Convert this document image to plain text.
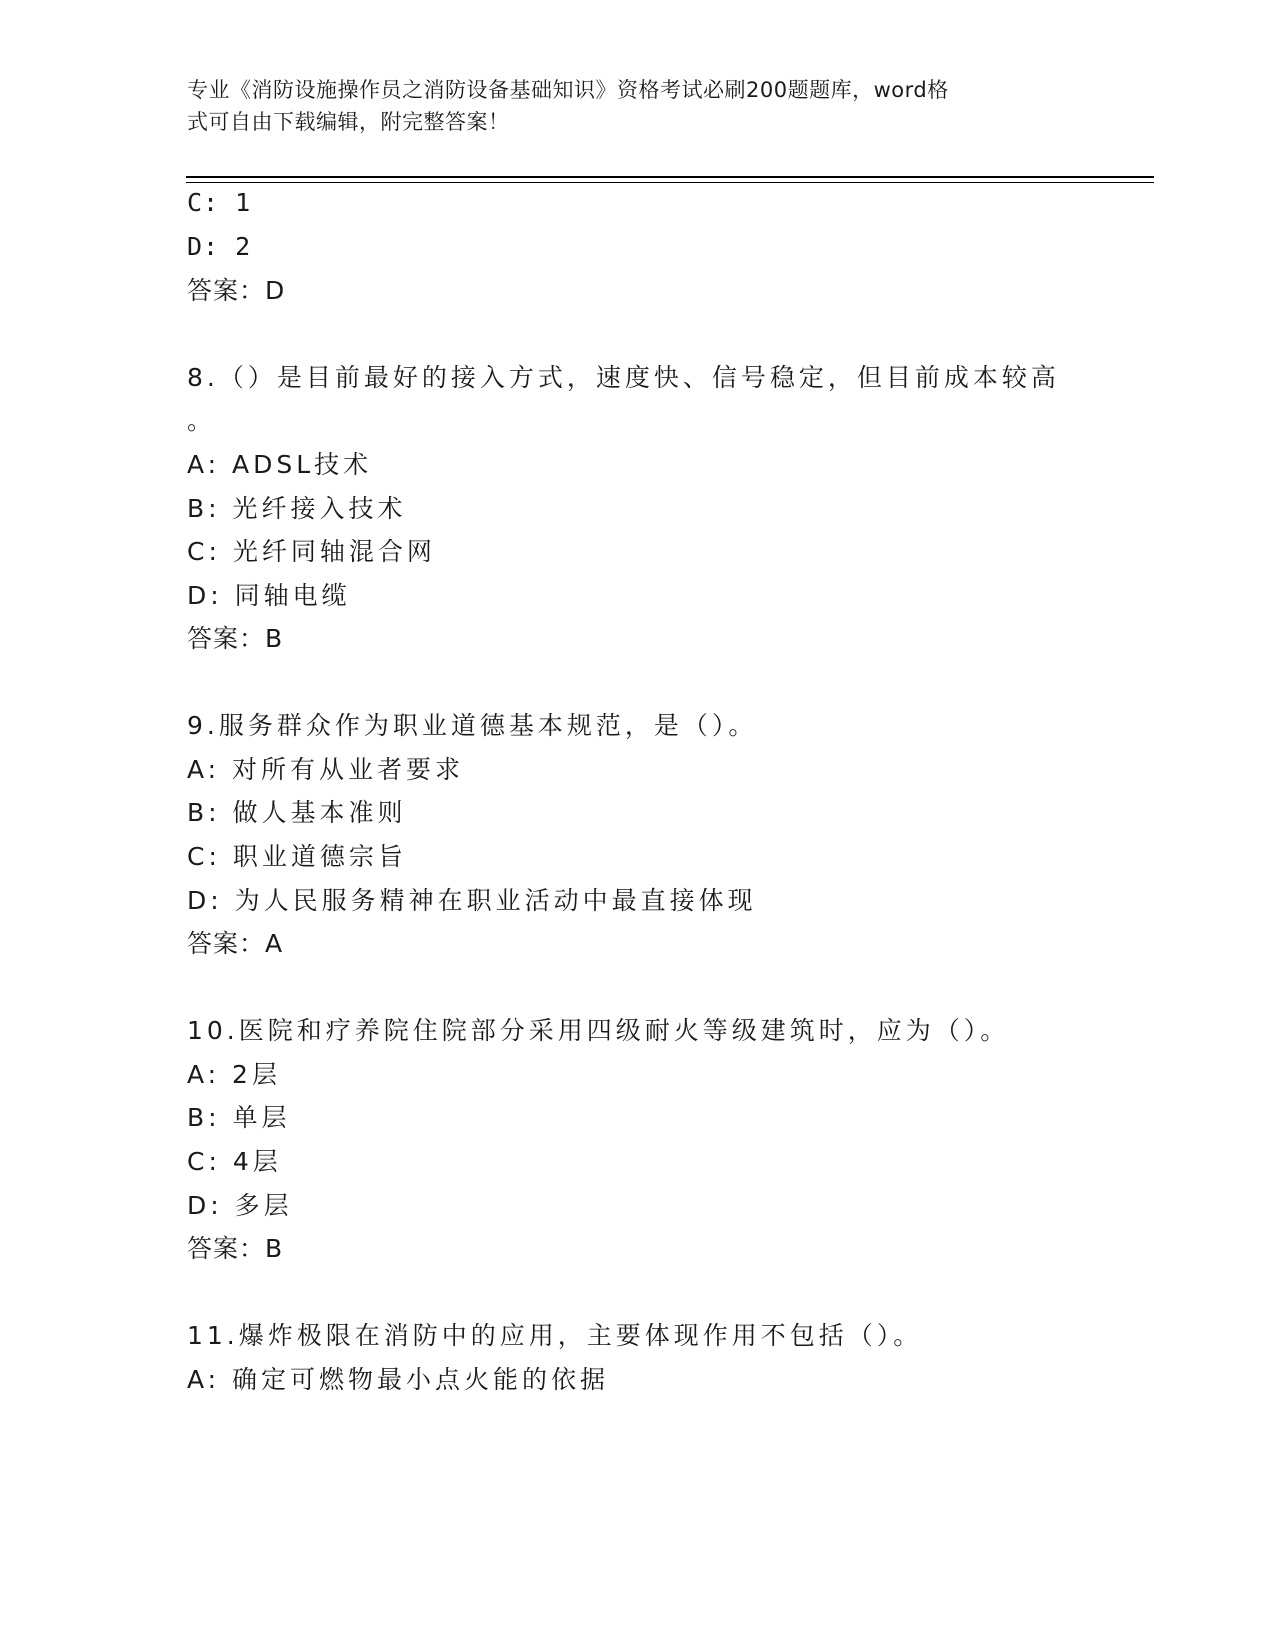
专业《消防设施操作员之消防设备基础知识》资格考试必刷200题题库，word格
式可自由下载编辑，附完整答案！
C: 1
D: 2
答案：D
8.（）是目前最好的接入方式，速度快、信号稳定，但目前成本较高
。
A: ADSL技术
B: 光纤接入技术
C: 光纤同轴混合网
D: 同轴电缆
答案：B
9.服务群众作为职业道德基本规范，是（）。
A: 对所有从业者要求
B: 做人基本准则
C: 职业道德宗旨
D: 为人民服务精神在职业活动中最直接体现
答案：A
10.医院和疗养院住院部分采用四级耐火等级建筑时，应为（）。
A: 2层
B: 单层
C: 4层
D: 多层
答案：B
11.爆炸极限在消防中的应用，主要体现作用不包括（）。
A: 确定可燃物最小点火能的依据
